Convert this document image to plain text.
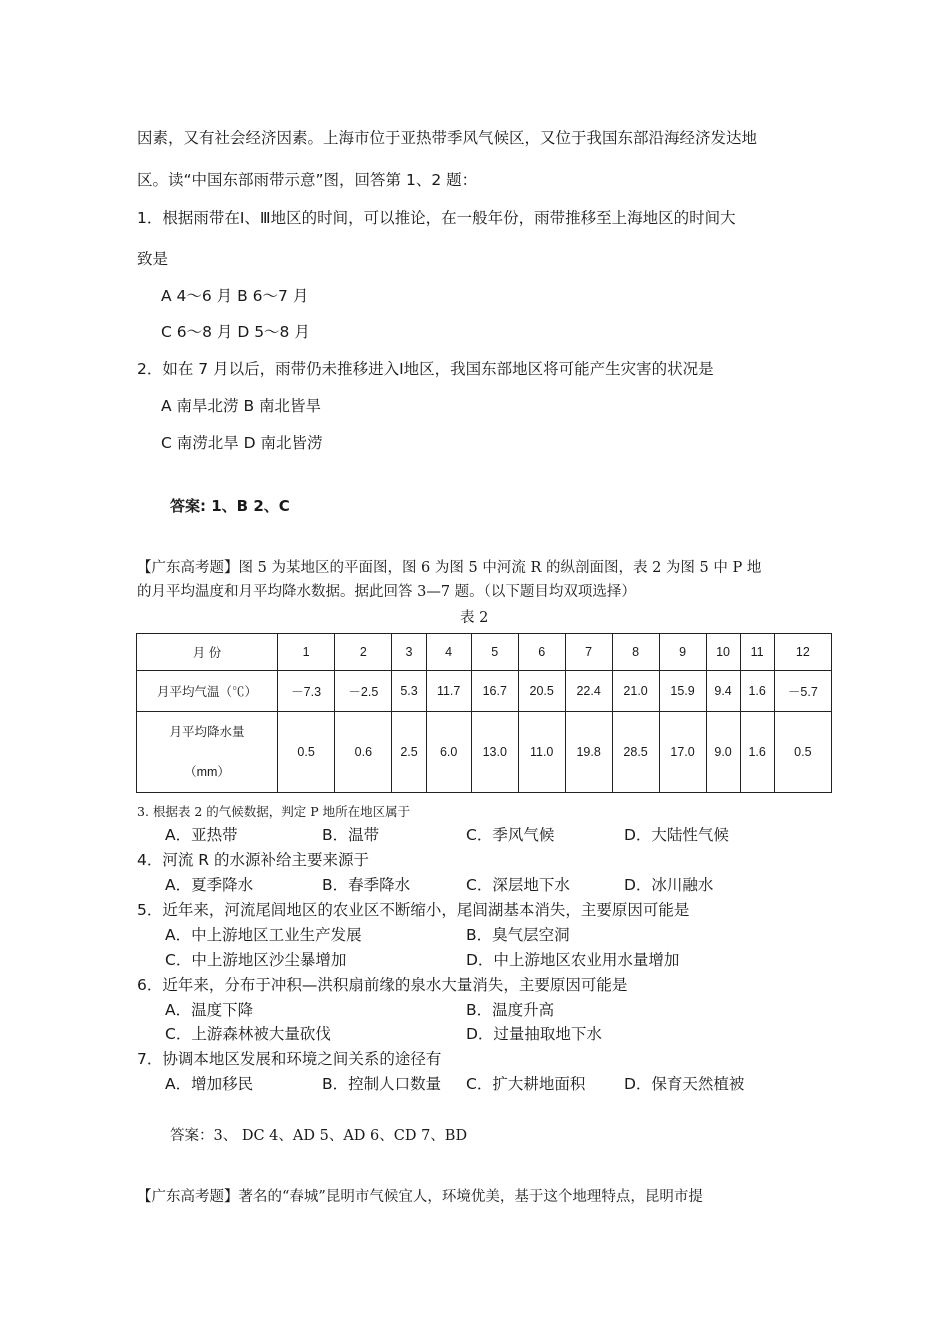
因素，又有社会经济因素。上海市位于亚热带季风气候区，又位于我国东部沿海经济发达地
区。读“中国东部雨带示意”图，回答第 1、2 题：
1．根据雨带在Ⅰ、Ⅲ地区的时间，可以推论，在一般年份，雨带推移至上海地区的时间大
致是
A 4～6 月 B 6～7 月
C 6～8 月 D 5～8 月
2．如在 7 月以后，雨带仍未推移进入Ⅰ地区，我国东部地区将可能产生灾害的状况是
A 南旱北涝 B 南北皆旱
C 南涝北旱 D 南北皆涝
答案: 1、B 2、C
【广东高考题】图 5 为某地区的平面图，图 6 为图 5 中河流 R 的纵剖面图，表 2 为图 5 中 P 地
的月平均温度和月平均降水数据。据此回答 3—7 题。（以下题目均双项选择）
表 2
月 份	1	2	3	4	5	6	7	8	9	10	11	12
月平均气温（℃）	－7.3	－2.5	5.3	11.7	16.7	20.5	22.4	21.0	15.9	9.4	1.6	－5.7

月平均降水量
（mm）	0.5	0.6	2.5	6.0	13.0	11.0	19.8	28.5	17.0	9.0	1.6	0.5
3. 根据表 2 的气候数据，判定 P 地所在地区属于
A．亚热带	B．温带	C．季风气候	D．大陆性气候
4．河流 R 的水源补给主要来源于
A．夏季降水	B．春季降水	C．深层地下水	D．冰川融水
5．近年来，河流尾闾地区的农业区不断缩小，尾闾湖基本消失，主要原因可能是
A．中上游地区工业生产发展	B．臭气层空洞
C．中上游地区沙尘暴增加	D．中上游地区农业用水量增加
6．近年来，分布于冲积—洪积扇前缘的泉水大量消失，主要原因可能是
A．温度下降	B．温度升高
C．上游森林被大量砍伐	D．过量抽取地下水
7．协调本地区发展和环境之间关系的途径有
A．增加移民	B．控制人口数量 C．扩大耕地面积 D．保育天然植被
答案：3、 DC 4、AD 5、AD 6、CD 7、BD
【广东高考题】著名的“春城”昆明市气候宜人，环境优美，基于这个地理特点，昆明市提
